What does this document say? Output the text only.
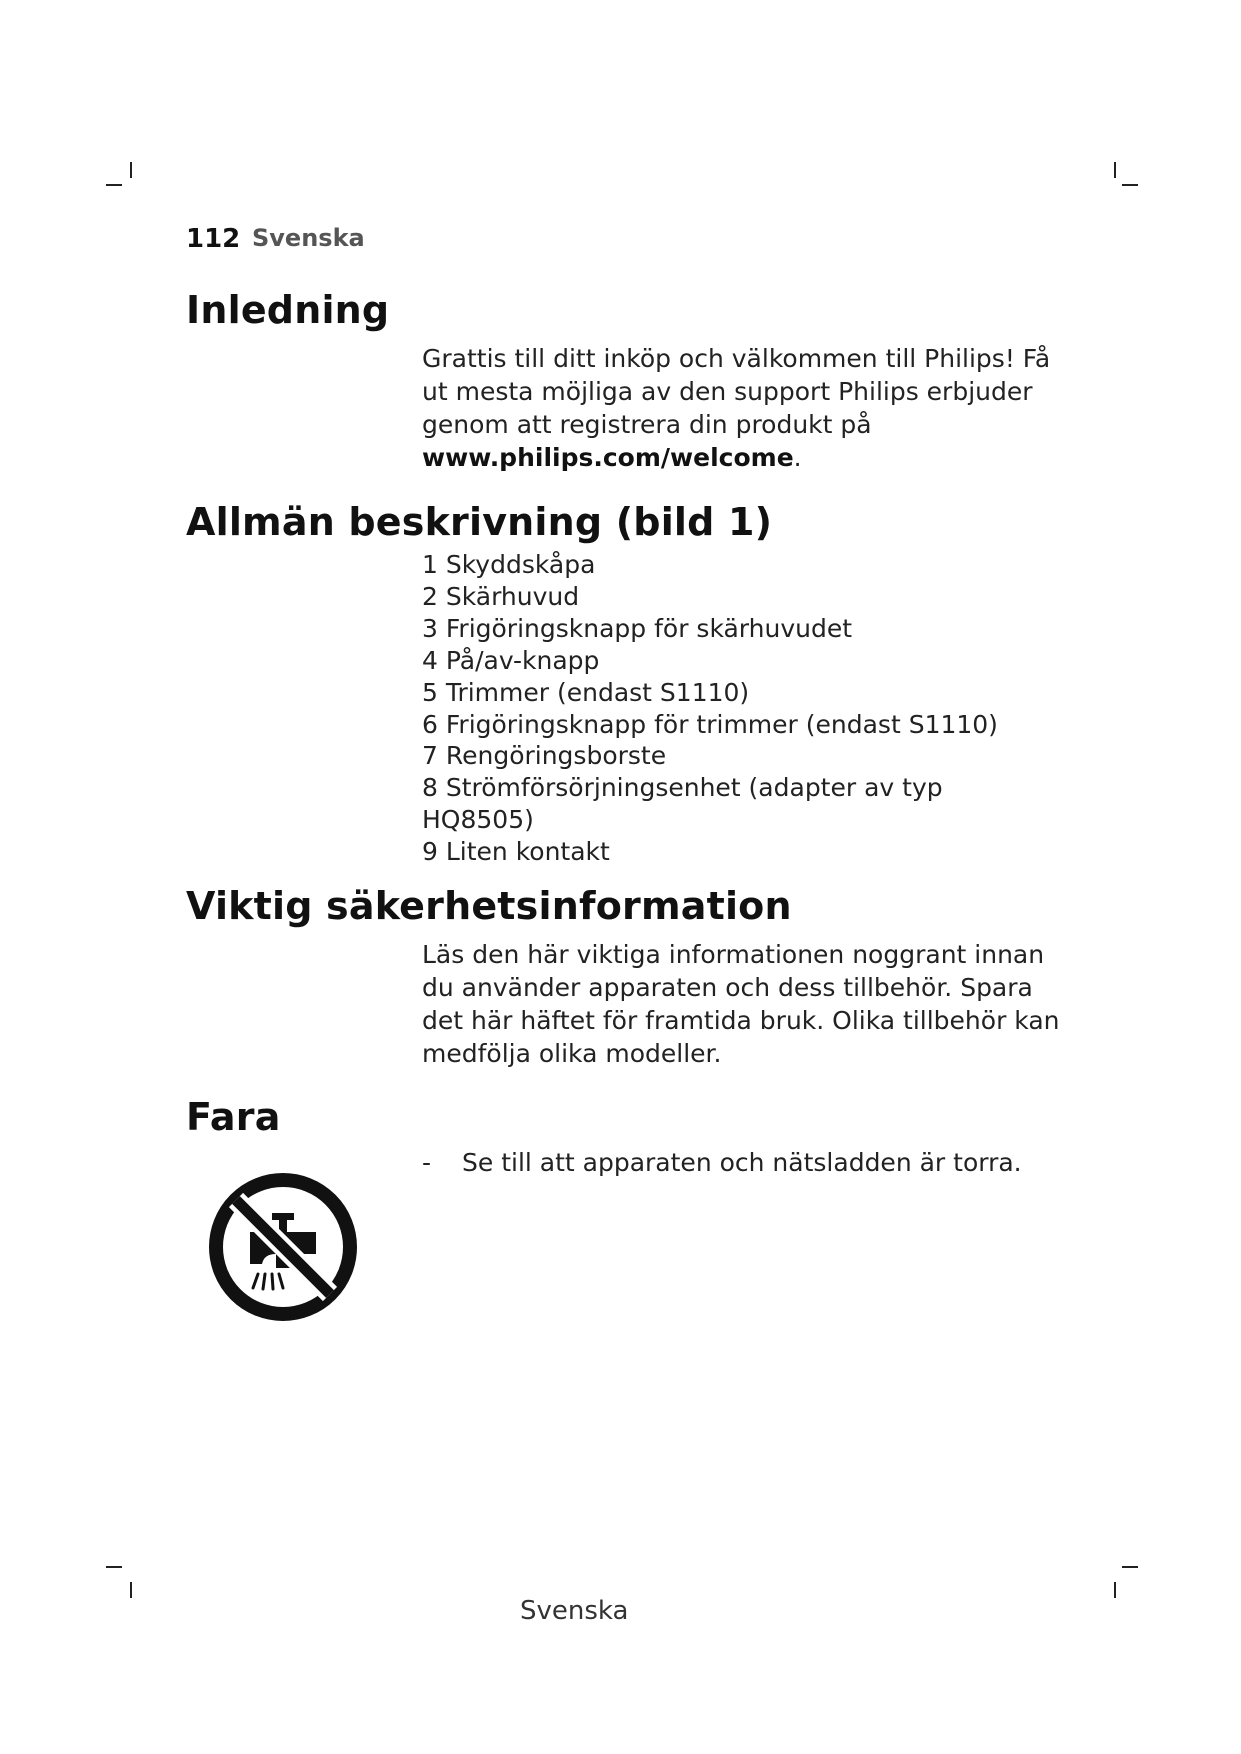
112 Svenska
Inledning
Grattis till ditt inköp och välkommen till Philips! Få
ut mesta möjliga av den support Philips erbjuder
genom att registrera din produkt på
www.philips.com/welcome.
Allmän beskrivning (bild 1)
1 Skyddskåpa
2 Skärhuvud
3 Frigöringsknapp för skärhuvudet
4 På/av-knapp
5 Trimmer (endast S1110)
6 Frigöringsknapp för trimmer (endast S1110)
7 Rengöringsborste
8 Strömförsörjningsenhet (adapter av typ
HQ8505)
9 Liten kontakt
Viktig säkerhetsinformation
Läs den här viktiga informationen noggrant innan
du använder apparaten och dess tillbehör. Spara
det här häftet för framtida bruk. Olika tillbehör kan
medfölja olika modeller.
Fara
- Se till att apparaten och nätsladden är torra.
Svenska
